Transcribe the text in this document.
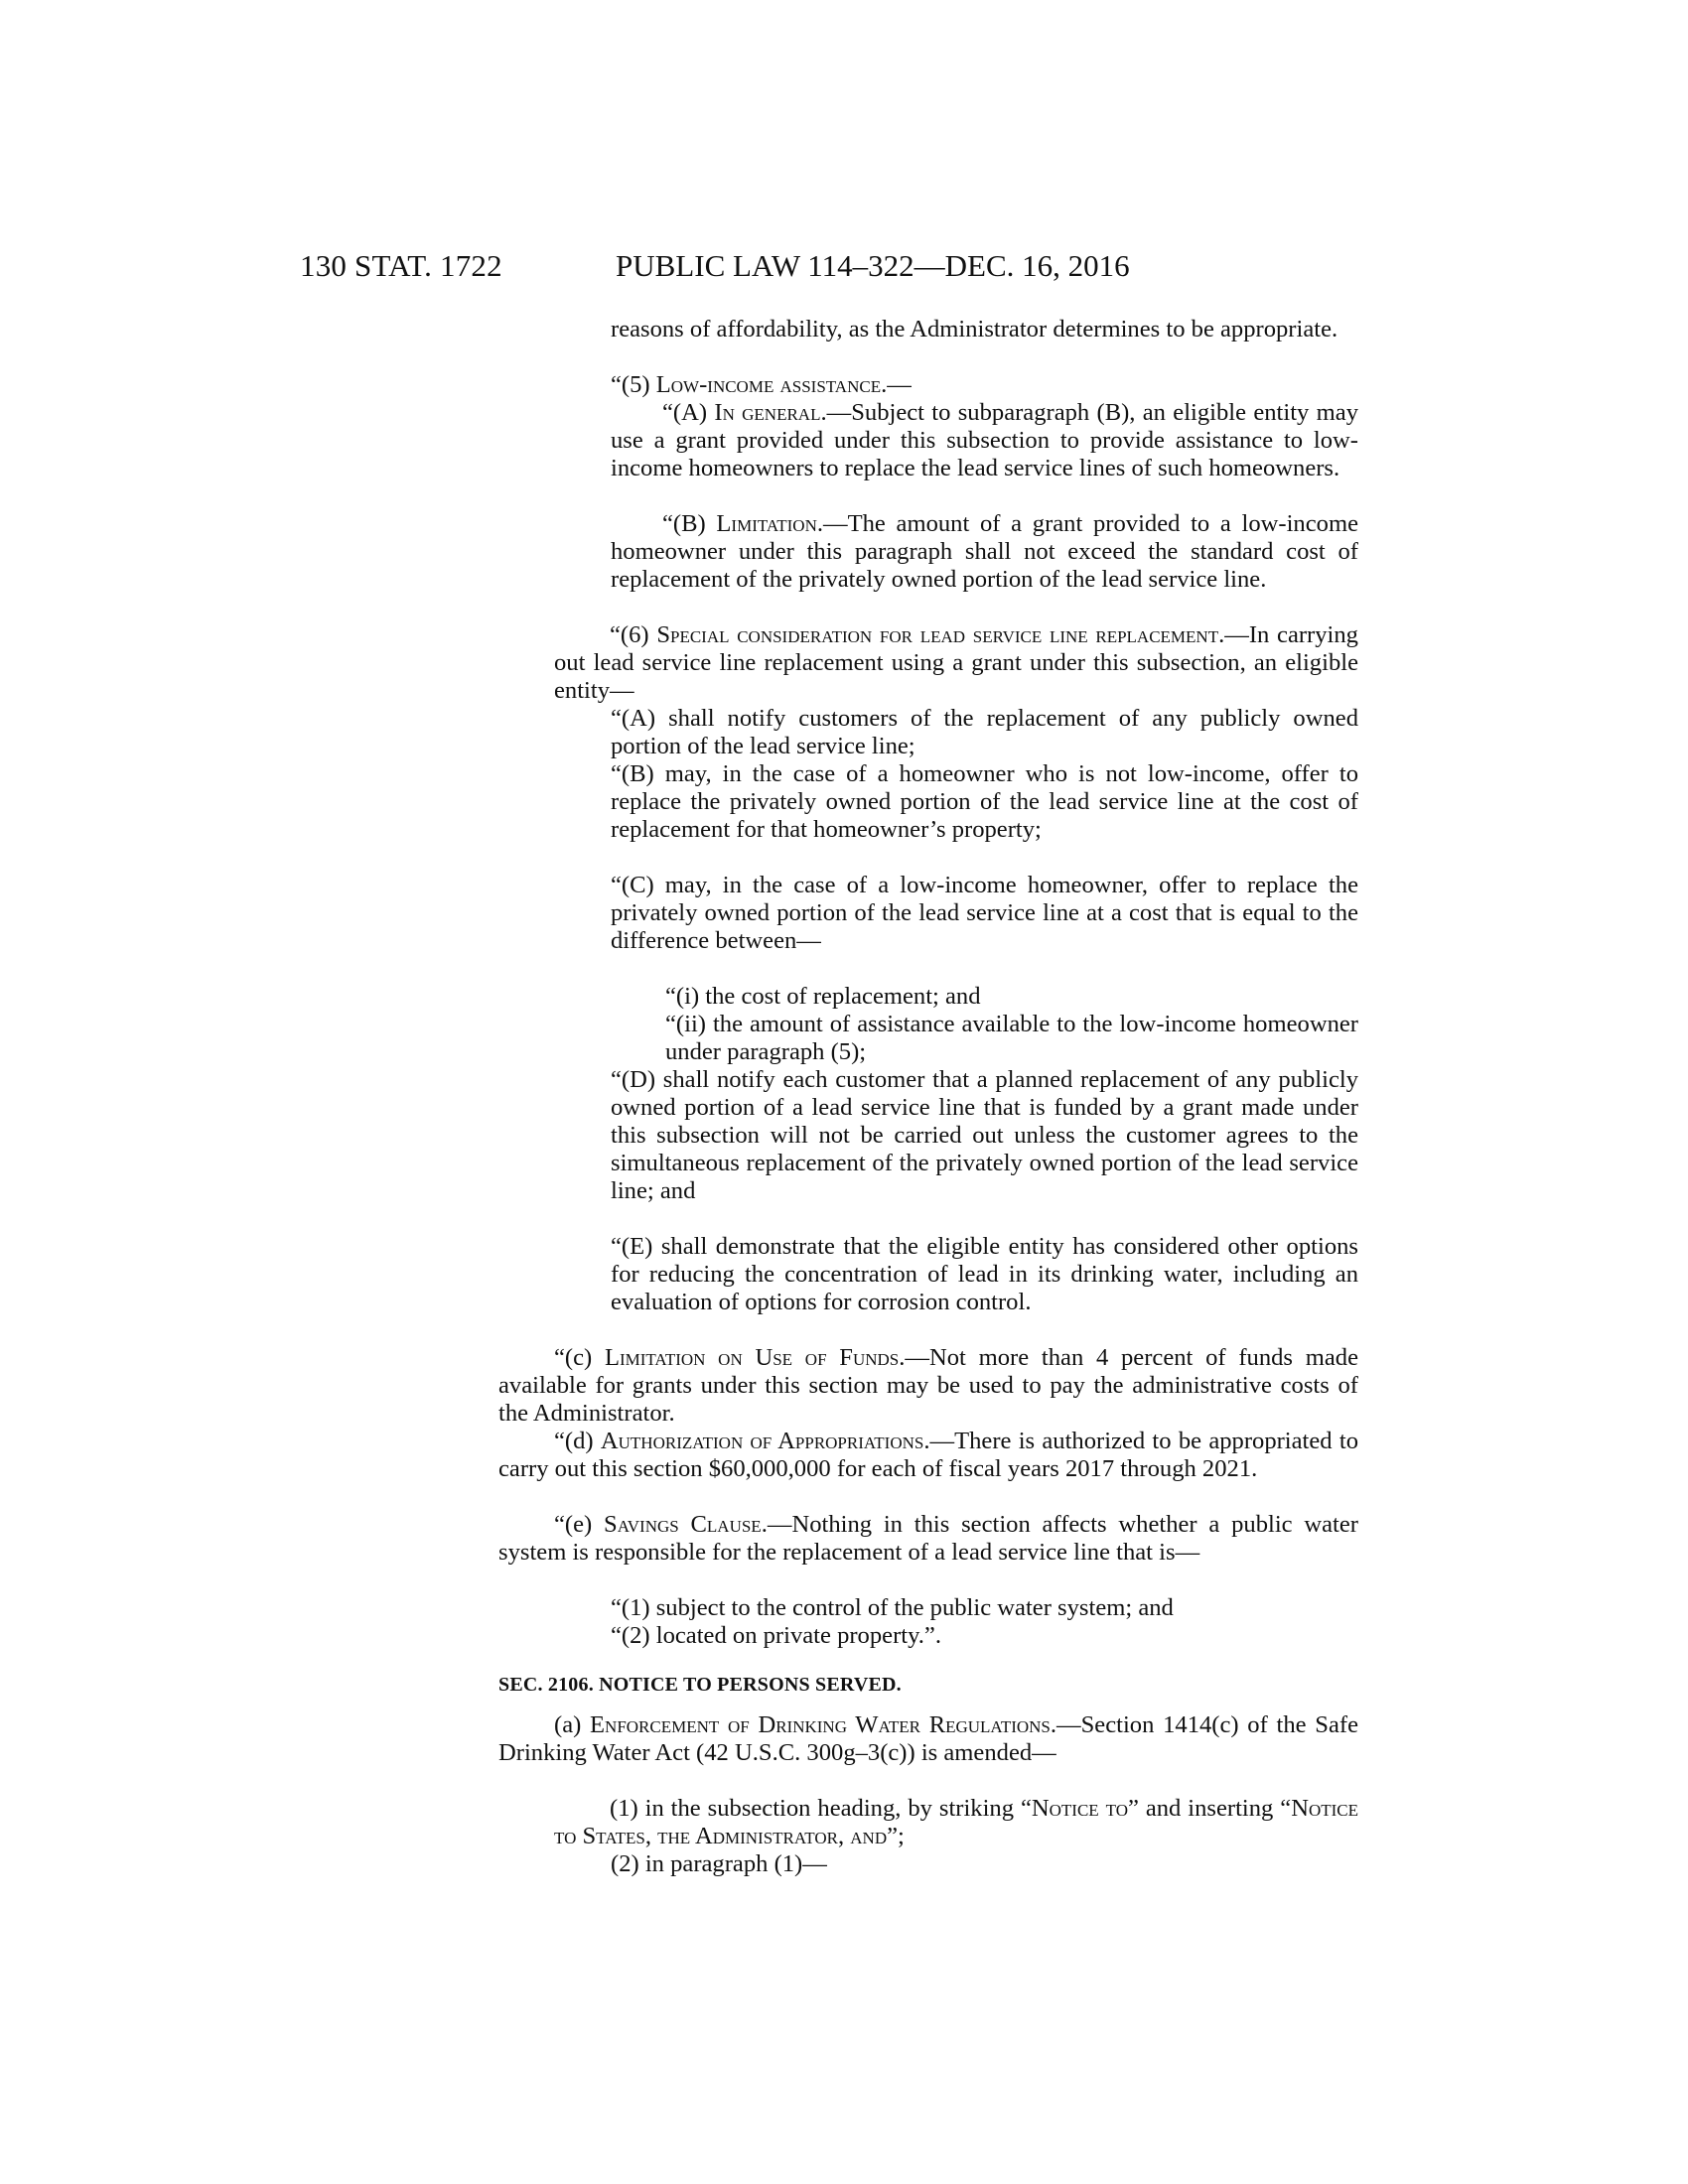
130 STAT. 1722	PUBLIC LAW 114–322—DEC. 16, 2016
reasons of affordability, as the Administrator determines to be appropriate.
“(5) Low-income assistance.—
“(A) In general.—Subject to subparagraph (B), an eligible entity may use a grant provided under this subsection to provide assistance to low-income homeowners to replace the lead service lines of such homeowners.
“(B) Limitation.—The amount of a grant provided to a low-income homeowner under this paragraph shall not exceed the standard cost of replacement of the privately owned portion of the lead service line.
“(6) Special consideration for lead service line replacement.—In carrying out lead service line replacement using a grant under this subsection, an eligible entity—
“(A) shall notify customers of the replacement of any publicly owned portion of the lead service line;
“(B) may, in the case of a homeowner who is not low-income, offer to replace the privately owned portion of the lead service line at the cost of replacement for that homeowner’s property;
“(C) may, in the case of a low-income homeowner, offer to replace the privately owned portion of the lead service line at a cost that is equal to the difference between—
“(i) the cost of replacement; and
“(ii) the amount of assistance available to the low-income homeowner under paragraph (5);
“(D) shall notify each customer that a planned replacement of any publicly owned portion of a lead service line that is funded by a grant made under this subsection will not be carried out unless the customer agrees to the simultaneous replacement of the privately owned portion of the lead service line; and
“(E) shall demonstrate that the eligible entity has considered other options for reducing the concentration of lead in its drinking water, including an evaluation of options for corrosion control.
“(c) Limitation on Use of Funds.—Not more than 4 percent of funds made available for grants under this section may be used to pay the administrative costs of the Administrator.
“(d) Authorization of Appropriations.—There is authorized to be appropriated to carry out this section $60,000,000 for each of fiscal years 2017 through 2021.
“(e) Savings Clause.—Nothing in this section affects whether a public water system is responsible for the replacement of a lead service line that is—
“(1) subject to the control of the public water system; and
“(2) located on private property.”.
SEC. 2106. NOTICE TO PERSONS SERVED.
(a) Enforcement of Drinking Water Regulations.—Section 1414(c) of the Safe Drinking Water Act (42 U.S.C. 300g–3(c)) is amended—
(1) in the subsection heading, by striking “Notice to” and inserting “Notice to States, the Administrator, and”;
(2) in paragraph (1)—
